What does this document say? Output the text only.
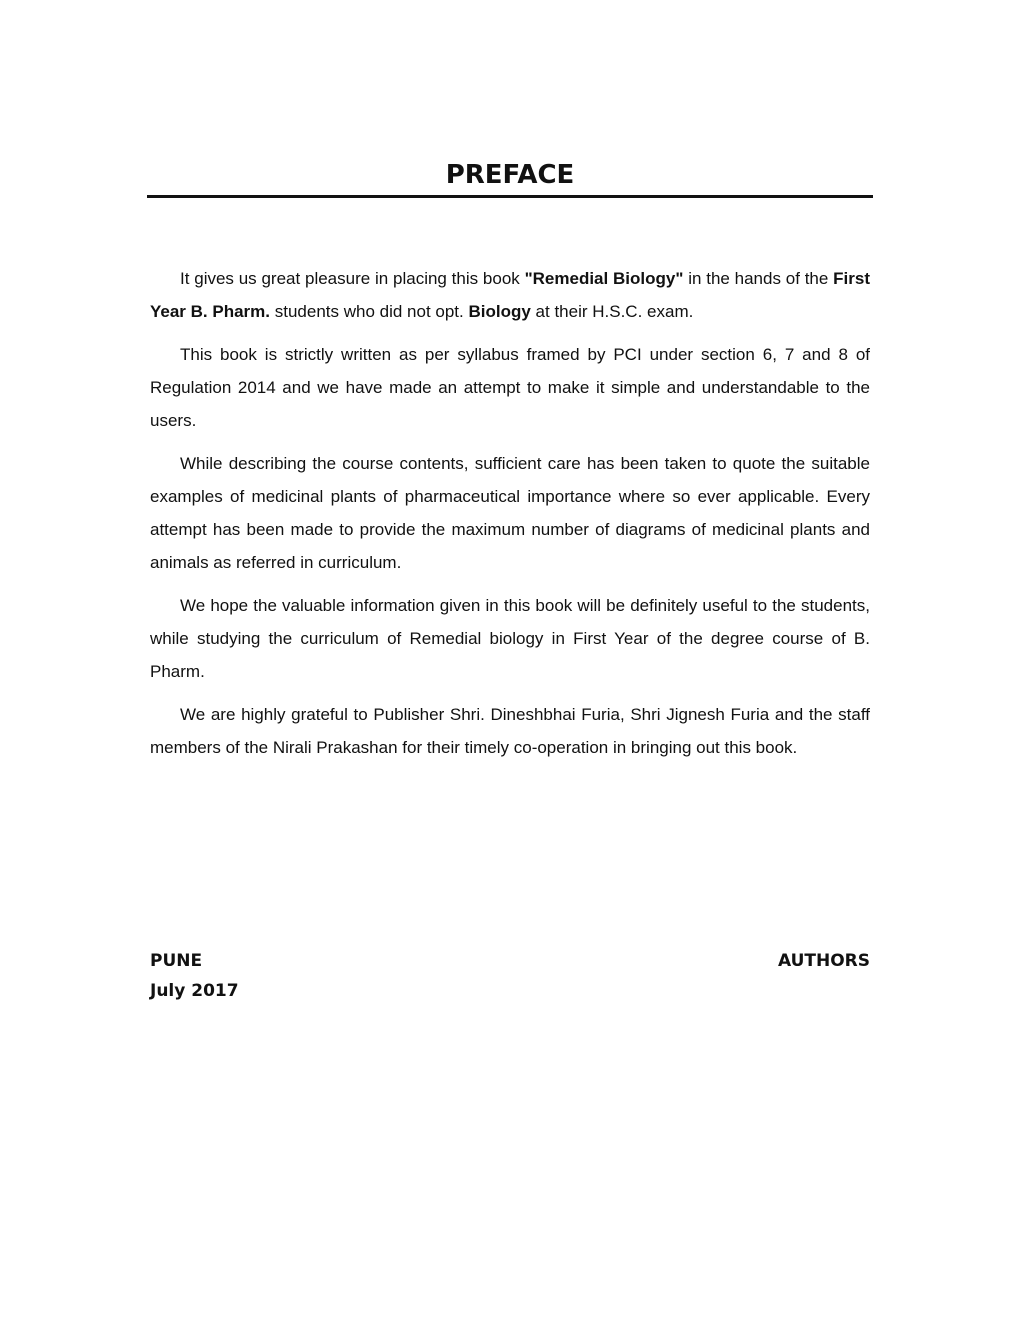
PREFACE

It gives us great pleasure in placing this book "Remedial Biology" in the hands of the First Year B. Pharm. students who did not opt. Biology at their H.S.C. exam.

This book is strictly written as per syllabus framed by PCI under section 6, 7 and 8 of Regulation 2014 and we have made an attempt to make it simple and understandable to the users.

While describing the course contents, sufficient care has been taken to quote the suitable examples of medicinal plants of pharmaceutical importance where so ever applicable. Every attempt has been made to provide the maximum number of diagrams of medicinal plants and animals as referred in curriculum.

We hope the valuable information given in this book will be definitely useful to the students, while studying the curriculum of Remedial biology in First Year of the degree course of B. Pharm.

We are highly grateful to Publisher Shri. Dineshbhai Furia, Shri Jignesh Furia and the staff members of the Nirali Prakashan for their timely co-operation in bringing out this book.

PUNE
July 2017
AUTHORS
